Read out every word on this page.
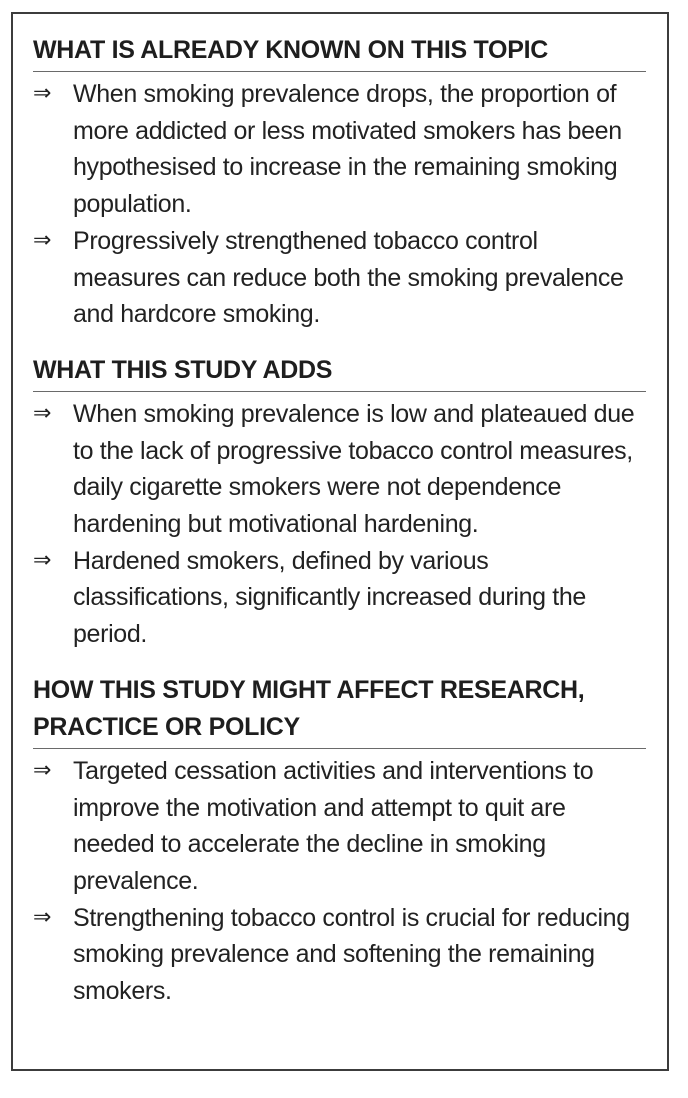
WHAT IS ALREADY KNOWN ON THIS TOPIC
⇒ When smoking prevalence drops, the proportion of more addicted or less motivated smokers has been hypothesised to increase in the remaining smoking population.
⇒ Progressively strengthened tobacco control measures can reduce both the smoking prevalence and hardcore smoking.
WHAT THIS STUDY ADDS
⇒ When smoking prevalence is low and plateaued due to the lack of progressive tobacco control measures, daily cigarette smokers were not dependence hardening but motivational hardening.
⇒ Hardened smokers, defined by various classifications, significantly increased during the period.
HOW THIS STUDY MIGHT AFFECT RESEARCH,
PRACTICE OR POLICY
⇒ Targeted cessation activities and interventions to improve the motivation and attempt to quit are needed to accelerate the decline in smoking prevalence.
⇒ Strengthening tobacco control is crucial for reducing smoking prevalence and softening the remaining smokers.
